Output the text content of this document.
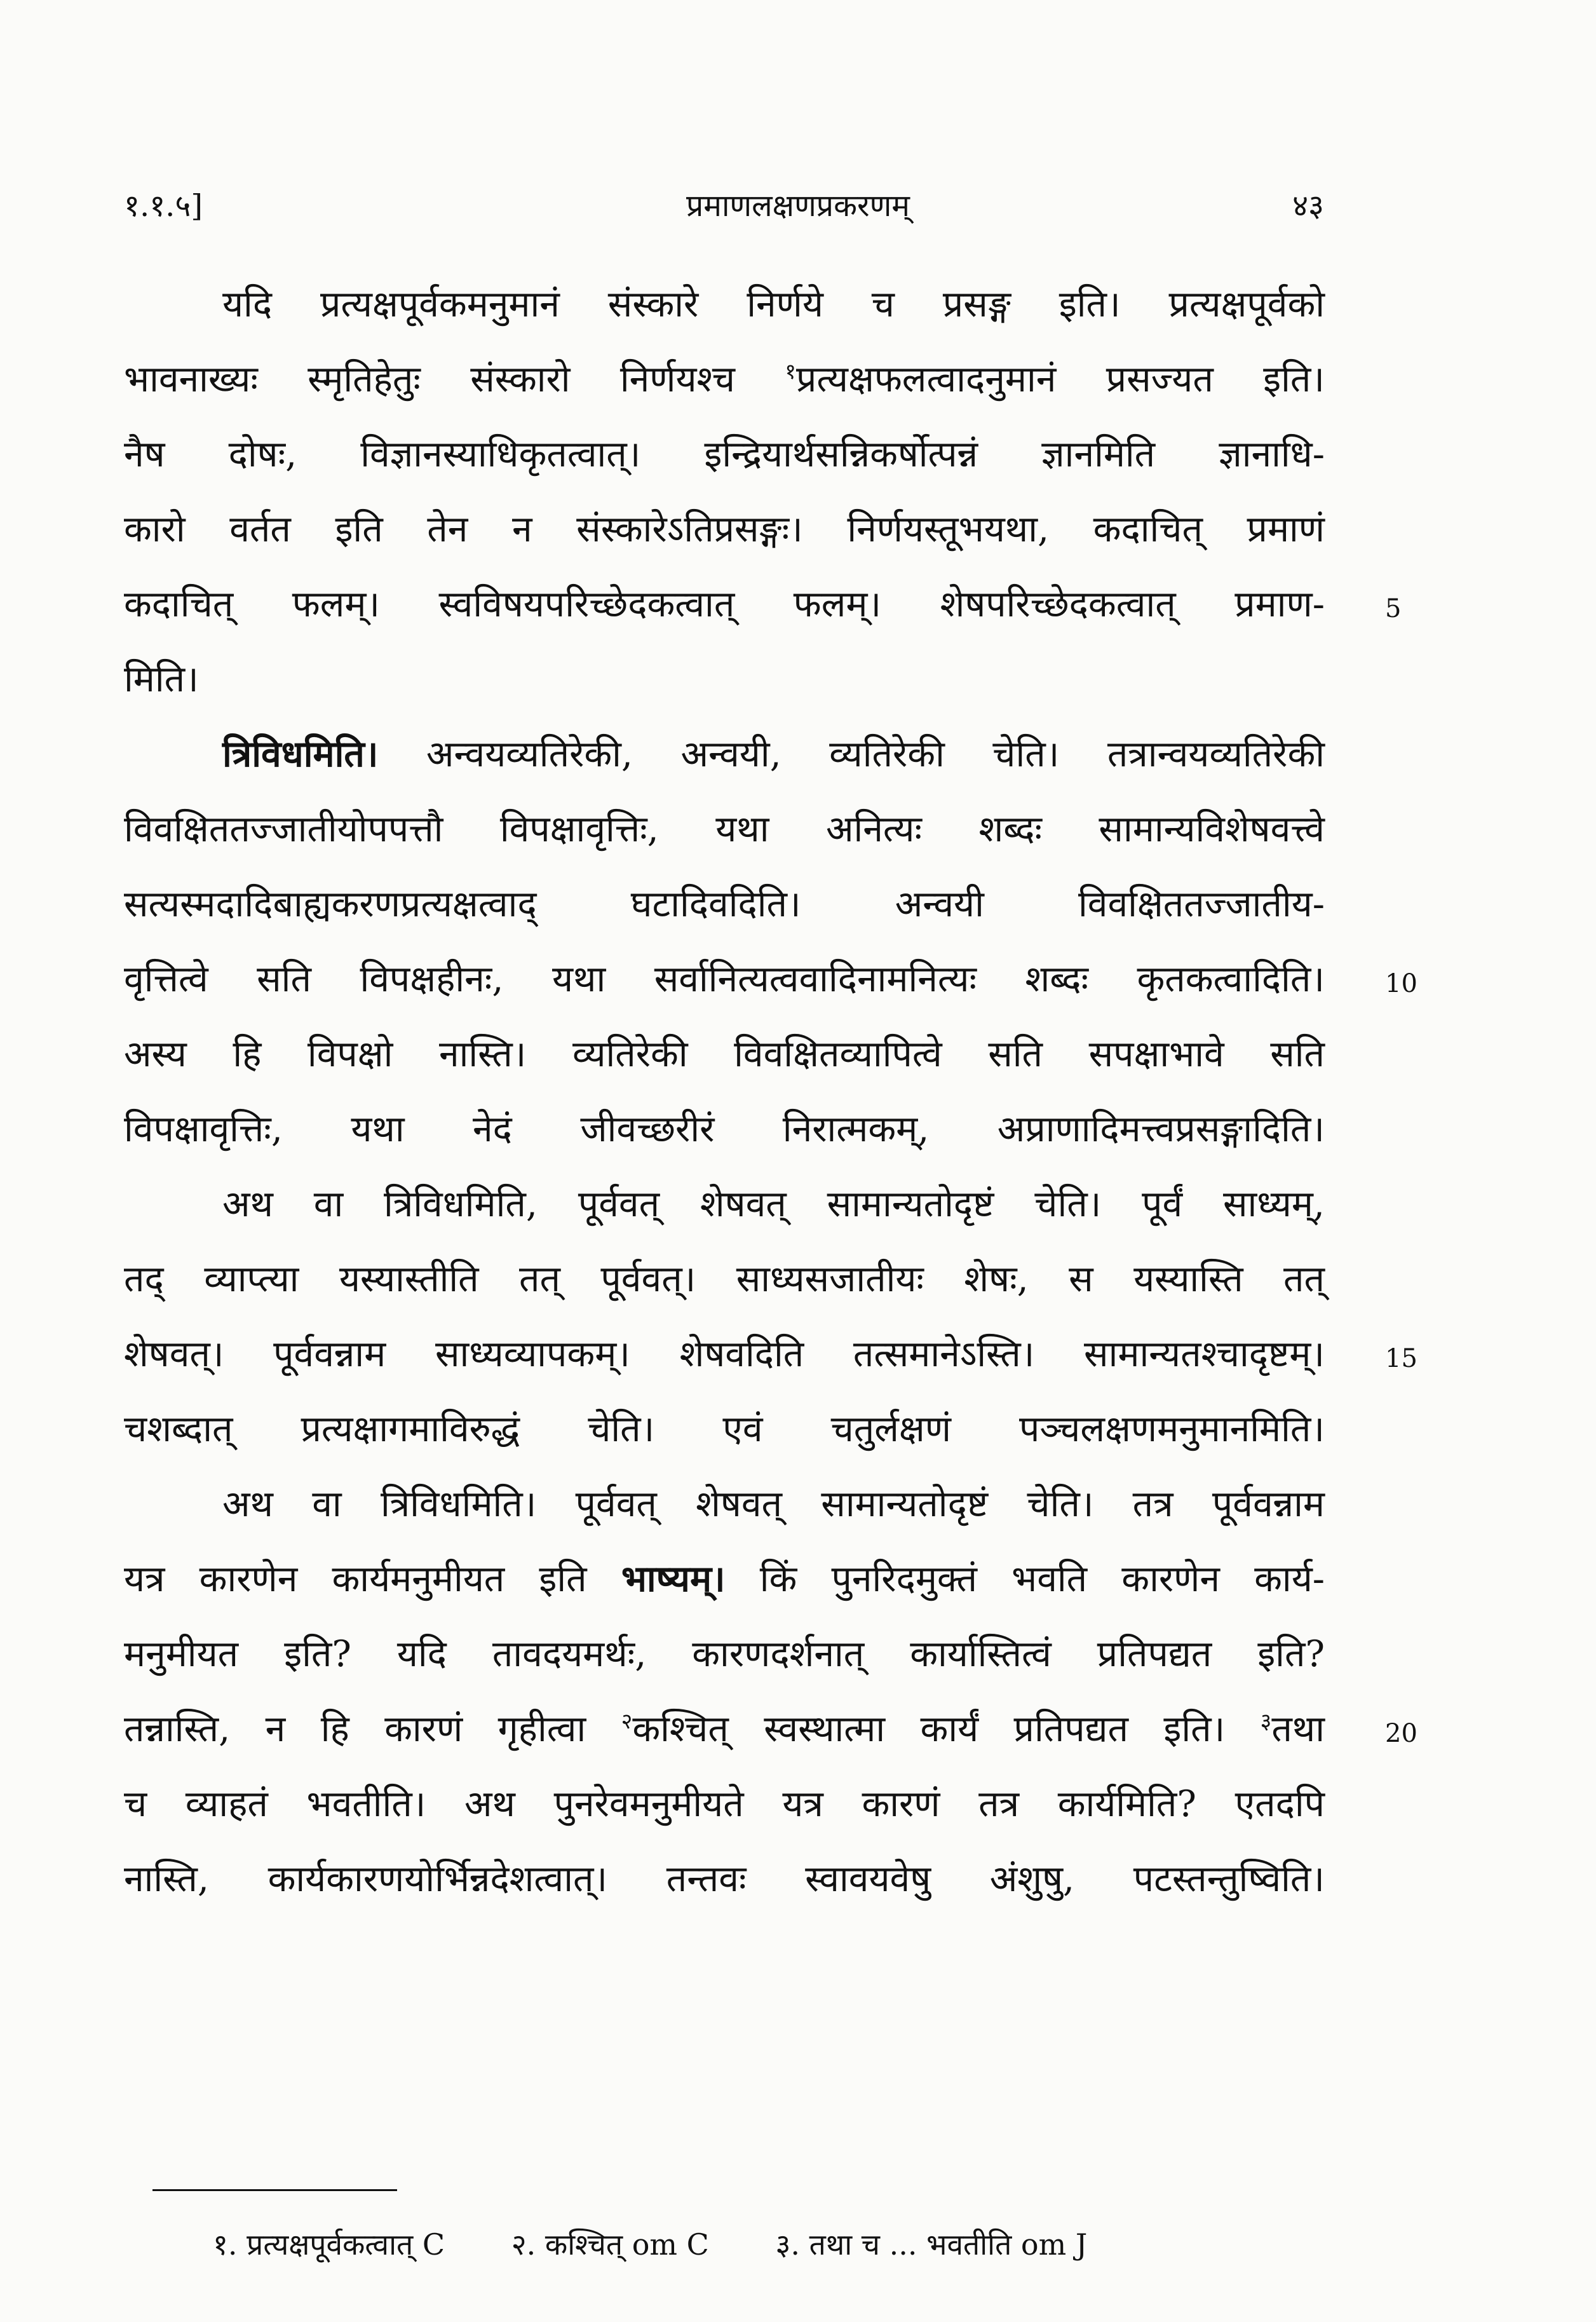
१.१.५]	प्रमाणलक्षणप्रकरणम्	४३
यदि प्रत्यक्षपूर्वकमनुमानं संस्कारे निर्णये च प्रसङ्ग इति। प्रत्यक्षपूर्वको
भावनाख्यः स्मृतिहेतुः संस्कारो निर्णयश्च $^१$प्रत्यक्षफलत्वादनुमानं प्रसज्यत इति।
नैष दोषः, विज्ञानस्याधिकृतत्वात्। इन्द्रियार्थसन्निकर्षोत्पन्नं ज्ञानमिति ज्ञानाधि-
कारो वर्तत इति तेन न संस्कारेऽतिप्रसङ्गः। निर्णयस्तूभयथा, कदाचित् प्रमाणं
कदाचित् फलम्। स्वविषयपरिच्छेदकत्वात् फलम्। शेषपरिच्छेदकत्वात् प्रमाण- 5
मिति।
त्रिविधमिति। अन्वयव्यतिरेकी, अन्वयी, व्यतिरेकी चेति। तत्रान्वयव्यतिरेकी
विवक्षिततज्जातीयोपपत्तौ विपक्षावृत्तिः, यथा अनित्यः शब्दः सामान्यविशेषवत्त्वे
सत्यस्मदादिबाह्यकरणप्रत्यक्षत्वाद् घटादिवदिति। अन्वयी विवक्षिततज्जातीय-
वृत्तित्वे सति विपक्षहीनः, यथा सर्वानित्यत्ववादिनामनित्यः शब्दः कृतकत्वादिति। 10
अस्य हि विपक्षो नास्ति। व्यतिरेकी विवक्षितव्यापित्वे सति सपक्षाभावे सति
विपक्षावृत्तिः, यथा नेदं जीवच्छरीरं निरात्मकम्, अप्राणादिमत्त्वप्रसङ्गादिति।
अथ वा त्रिविधमिति, पूर्ववत् शेषवत् सामान्यतोदृष्टं चेति। पूर्वं साध्यम्,
तद् व्याप्त्या यस्यास्तीति तत् पूर्ववत्। साध्यसजातीयः शेषः, स यस्यास्ति तत्
शेषवत्। पूर्ववन्नाम साध्यव्यापकम्। शेषवदिति तत्समानेऽस्ति। सामान्यतश्चादृष्टम्। 15
चशब्दात् प्रत्यक्षागमाविरुद्धं चेति। एवं चतुर्लक्षणं पञ्चलक्षणमनुमानमिति।
अथ वा त्रिविधमिति। पूर्ववत् शेषवत् सामान्यतोदृष्टं चेति। तत्र पूर्ववन्नाम
यत्र कारणेन कार्यमनुमीयत इति भाष्यम्। किं पुनरिदमुक्तं भवति कारणेन कार्य-
मनुमीयत इति? यदि तावदयमर्थः, कारणदर्शनात् कार्यास्तित्वं प्रतिपद्यत इति?
तन्नास्ति, न हि कारणं गृहीत्वा $^२$कश्चित् स्वस्थात्मा कार्यं प्रतिपद्यत इति। $^३$तथा 20
च व्याहतं भवतीति। अथ पुनरेवमनुमीयते यत्र कारणं तत्र कार्यमिति? एतदपि
नास्ति, कार्यकारणयोर्भिन्नदेशत्वात्। तन्तवः स्वावयवेषु अंशुषु, पटस्तन्तुष्विति।
१. प्रत्यक्षपूर्वकत्वात् C २. कश्चित् om C ३. तथा च ... भवतीति om J
